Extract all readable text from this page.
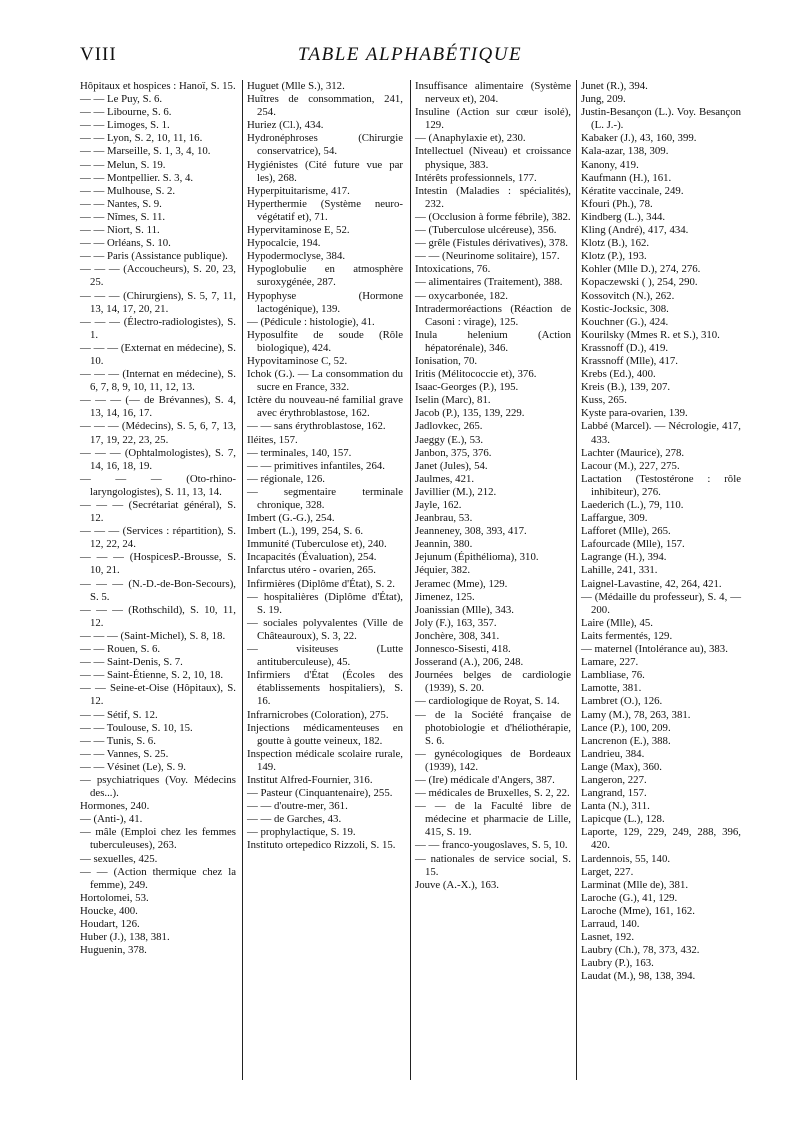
VIII	TABLE ALPHABÉTIQUE

Hôpitaux et hospices : Hanoï, S. 15.

— — Le Puy, S. 6.

— — Libourne, S. 6.

— — Limoges, S. 1.

— — Lyon, S. 2, 10, 11, 16.

— — Marseille, S. 1, 3, 4, 10.

— — Melun, S. 19.

— — Montpellier. S. 3, 4.

— — Mulhouse, S. 2.

— — Nantes, S. 9.

— — Nîmes, S. 11.

— — Niort, S. 11.

— — Orléans, S. 10.

— — Paris (Assistance publique).

— — — (Accoucheurs), S. 20, 23, 25.

— — — (Chirurgiens), S. 5, 7, 11, 13, 14, 17, 20, 21.

— — — (Électro-radiologistes), S. 1.

— — — (Externat en médecine), S. 10.

— — — (Internat en médecine), S. 6, 7, 8, 9, 10, 11, 12, 13.

— — — (— de Brévannes), S. 4, 13, 14, 16, 17.

— — — (Médecins), S. 5, 6, 7, 13, 17, 19, 22, 23, 25.

— — — (Ophtalmologistes), S. 7, 14, 16, 18, 19.

— — — (Oto-rhino-laryngologistes), S. 11, 13, 14.

— — — (Secrétariat général), S. 12.

— — — (Services : répartition), S. 12, 22, 24.

— — — (HospicesP.-Brousse, S. 10, 21.

— — — (N.-D.-de-Bon-Secours), S. 5.

— — — (Rothschild), S. 10, 11, 12.

— — — (Saint-Michel), S. 8, 18.

— — Rouen, S. 6.

— — Saint-Denis, S. 7.

— — Saint-Étienne, S. 2, 10, 18.

— — Seine-et-Oise (Hôpitaux), S. 12.

— — Sétif, S. 12.

— — Toulouse, S. 10, 15.

— — Tunis, S. 6.

— — Vannes, S. 25.

— — Vésinet (Le), S. 9.

— psychiatriques (Voy. Médecins des...).

Hormones, 240.

— (Anti-), 41.

— mâle (Emploi chez les femmes tuberculeuses), 263.

— sexuelles, 425.

— — (Action thermique chez la femme), 249.

Hortolomei, 53.

Houcke, 400.

Houdart, 126.

Huber (J.), 138, 381.

Huguenin, 378.

Huguet (Mlle S.), 312.

Huîtres de consommation, 241, 254.

Huriez (Cl.), 434.

Hydronéphroses (Chirurgie conservatrice), 54.

Hygiénistes (Cité future vue par les), 268.

Hyperpituitarisme, 417.

Hyperthermie (Système neuro-végétatif et), 71.

Hypervitaminose E, 52.

Hypocalcie, 194.

Hypodermoclyse, 384.

Hypoglobulie en atmosphère suroxygénée, 287.

Hypophyse (Hormone lactogénique), 139.

— (Pédicule : histologie), 41.

Hyposulfite de soude (Rôle biologique), 424.

Hypovitaminose C, 52.

Ichok (G.). — La consommation du sucre en France, 332.

Ictère du nouveau-né familial grave avec érythroblastose, 162.

— — sans érythroblastose, 162.

Iléites, 157.

— terminales, 140, 157.

— — primitives infantiles, 264.

— régionale, 126.

— segmentaire terminale chronique, 328.

Imbert (G.-G.), 254.

Imbert (L.), 199, 254, S. 6.

Immunité (Tuberculose et), 240.

Incapacités (Évaluation), 254.

Infarctus utéro - ovarien, 265.

Infirmières (Diplôme d'État), S. 2.

— hospitalières (Diplôme d'État), S. 19.

— sociales polyvalentes (Ville de Châteauroux), S. 3, 22.

— visiteuses (Lutte antituberculeuse), 45.

Infirmiers d'État (Écoles des établissements hospitaliers), S. 16.

Infrarnicrobes (Coloration), 275.

Injections médicamenteuses en goutte à goutte veineux, 182.

Inspection médicale scolaire rurale, 149.

Institut Alfred-Fournier, 316.

— Pasteur (Cinquantenaire), 255.

— — d'outre-mer, 361.

— — de Garches, 43.

— prophylactique, S. 19.

Instituto ortepedico Rizzoli, S. 15.

Insuffisance alimentaire (Système nerveux et), 204.

Insuline (Action sur cœur isolé), 129.

— (Anaphylaxie et), 230.

Intellectuel (Niveau) et croissance physique, 383.

Intérêts professionnels, 177.

Intestin (Maladies : spécialités), 232.

— (Occlusion à forme fébrile), 382.

— (Tuberculose ulcéreuse), 356.

— grêle (Fistules dérivatives), 378.

— — (Neurinome solitaire), 157.

Intoxications, 76.

— alimentaires (Traitement), 388.

— oxycarbonée, 182.

Intradermoréactions (Réaction de Casoni : virage), 125.

Inula helenium (Action hépatorénale), 346.

Ionisation, 70.

Iritis (Mélitococcie et), 376.

Isaac-Georges (P.), 195.

Iselin (Marc), 81.

Jacob (P.), 135, 139, 229.

Jadlovkec, 265.

Jaeggy (E.), 53.

Janbon, 375, 376.

Janet (Jules), 54.

Jaulmes, 421.

Javillier (M.), 212.

Jayle, 162.

Jeanbrau, 53.

Jeanneney, 308, 393, 417.

Jeannin, 380.

Jejunum (Épithélioma), 310.

Jéquier, 382.

Jeramec (Mme), 129.

Jimenez, 125.

Joanissian (Mlle), 343.

Joly (F.), 163, 357.

Jonchère, 308, 341.

Jonnesco-Sisesti, 418.

Josserand (A.), 206, 248.

Journées belges de cardiologie (1939), S. 20.

— cardiologique de Royat, S. 14.

— de la Société française de photobiologie et d'héliothérapie, S. 6.

— gynécologiques de Bordeaux (1939), 142.

— (Ire) médicale d'Angers, 387.

— médicales de Bruxelles, S. 2, 22.

— — de la Faculté libre de médecine et pharmacie de Lille, 415, S. 19.

— — franco-yougoslaves, S. 5, 10.

— nationales de service social, S. 15.

Jouve (A.-X.), 163.

Junet (R.), 394.

Jung, 209.

Justin-Besançon (L.). Voy. Besançon (L. J.-).

Kabaker (J.), 43, 160, 399.

Kala-azar, 138, 309.

Kanony, 419.

Kaufmann (H.), 161.

Kératite vaccinale, 249.

Kfouri (Ph.), 78.

Kindberg (L.), 344.

Kling (André), 417, 434.

Klotz (B.), 162.

Klotz (P.), 193.

Kohler (Mlle D.), 274, 276.

Kopaczewski ( ), 254, 290.

Kossovitch (N.), 262.

Kostic-Jocksic, 308.

Kouchner (G.), 424.

Kourilsky (Mmes R. et S.), 310.

Krassnoff (D.), 419.

Krassnoff (Mlle), 417.

Krebs (Ed.), 400.

Kreis (B.), 139, 207.

Kuss, 265.

Kyste para-ovarien, 139.

Labbé (Marcel). — Nécrologie, 417, 433.

Lachter (Maurice), 278.

Lacour (M.), 227, 275.

Lactation (Testostérone : rôle inhibiteur), 276.

Laederich (L.), 79, 110.

Laffargue, 309.

Lafforet (Mlle), 265.

Lafourcade (Mlle), 157.

Lagrange (H.), 394.

Lahille, 241, 331.

Laignel-Lavastine, 42, 264, 421.

— (Médaille du professeur), S. 4, — 200.

Laire (Mlle), 45.

Laits fermentés, 129.

— maternel (Intolérance au), 383.

Lamare, 227.

Lambliase, 76.

Lamotte, 381.

Lambret (O.), 126.

Lamy (M.), 78, 263, 381.

Lance (P.), 100, 209.

Lancrenon (E.), 388.

Landrieu, 384.

Lange (Max), 360.

Langeron, 227.

Langrand, 157.

Lanta (N.), 311.

Lapicque (L.), 128.

Laporte, 129, 229, 249, 288, 396, 420.

Lardennois, 55, 140.

Larget, 227.

Larminat (Mlle de), 381.

Laroche (G.), 41, 129.

Laroche (Mme), 161, 162.

Larraud, 140.

Lasnet, 192.

Laubry (Ch.), 78, 373, 432.

Laubry (P.), 163.

Laudat (M.), 98, 138, 394.
